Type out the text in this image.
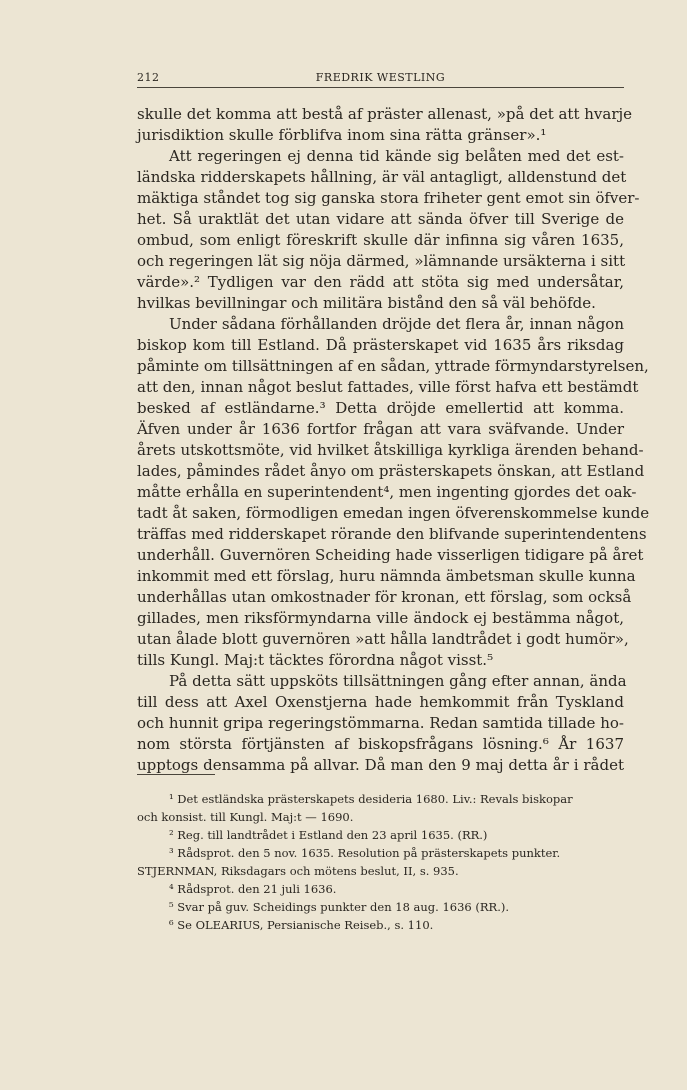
212	FREDRIK WESTLING
skulle det komma att bestå af präster allenast, »på det att hvarje
jurisdiktion skulle förblifva inom sina rätta gränser».¹
Att regeringen ej denna tid kände sig belåten med det est-
ländska ridderskapets hållning, är väl antagligt, alldenstund det
mäktiga ståndet tog sig ganska stora friheter gent emot sin öfver-
het. Så uraktlät det utan vidare att sända öfver till Sverige de
ombud, som enligt föreskrift skulle där infinna sig våren 1635,
och regeringen lät sig nöja därmed, »lämnande ursäkterna i sitt
värde».² Tydligen var den rädd att stöta sig med undersåtar,
hvilkas bevillningar och militära bistånd den så väl behöfde.
Under sådana förhållanden dröjde det flera år, innan någon
biskop kom till Estland. Då prästerskapet vid 1635 års riksdag
påminte om tillsättningen af en sådan, yttrade förmyndarstyrelsen,
att den, innan något beslut fattades, ville först hafva ett bestämdt
besked af estländarne.³ Detta dröjde emellertid att komma.
Äfven under år 1636 fortfor frågan att vara sväfvande. Under
årets utskottsmöte, vid hvilket åtskilliga kyrkliga ärenden behand-
lades, påmindes rådet ånyo om prästerskapets önskan, att Estland
måtte erhålla en superintendent⁴, men ingenting gjordes det oak-
tadt åt saken, förmodligen emedan ingen öfverenskommelse kunde
träffas med ridderskapet rörande den blifvande superintendentens
underhåll. Guvernören Scheiding hade visserligen tidigare på året
inkommit med ett förslag, huru nämnda ämbetsman skulle kunna
underhållas utan omkostnader för kronan, ett förslag, som också
gillades, men riksförmyndarna ville ändock ej bestämma något,
utan ålade blott guvernören »att hålla landtrådet i godt humör»,
tills Kungl. Maj:t täcktes förordna något visst.⁵
På detta sätt uppsköts tillsättningen gång efter annan, ända
till dess att Axel Oxenstjerna hade hemkommit från Tyskland
och hunnit gripa regeringstömmarna. Redan samtida tillade ho-
nom största förtjänsten af biskopsfrågans lösning.⁶ År 1637
upptogs densamma på allvar. Då man den 9 maj detta år i rådet
¹ Det estländska prästerskapets desideria 1680. Liv.: Revals biskopar
och konsist. till Kungl. Maj:t — 1690.
² Reg. till landtrådet i Estland den 23 april 1635. (RR.)
³ Rådsprot. den 5 nov. 1635. Resolution på prästerskapets punkter.
STJERNMAN, Riksdagars och mötens beslut, II, s. 935.
⁴ Rådsprot. den 21 juli 1636.
⁵ Svar på guv. Scheidings punkter den 18 aug. 1636 (RR.).
⁶ Se OLEARIUS, Persianische Reiseb., s. 110.
